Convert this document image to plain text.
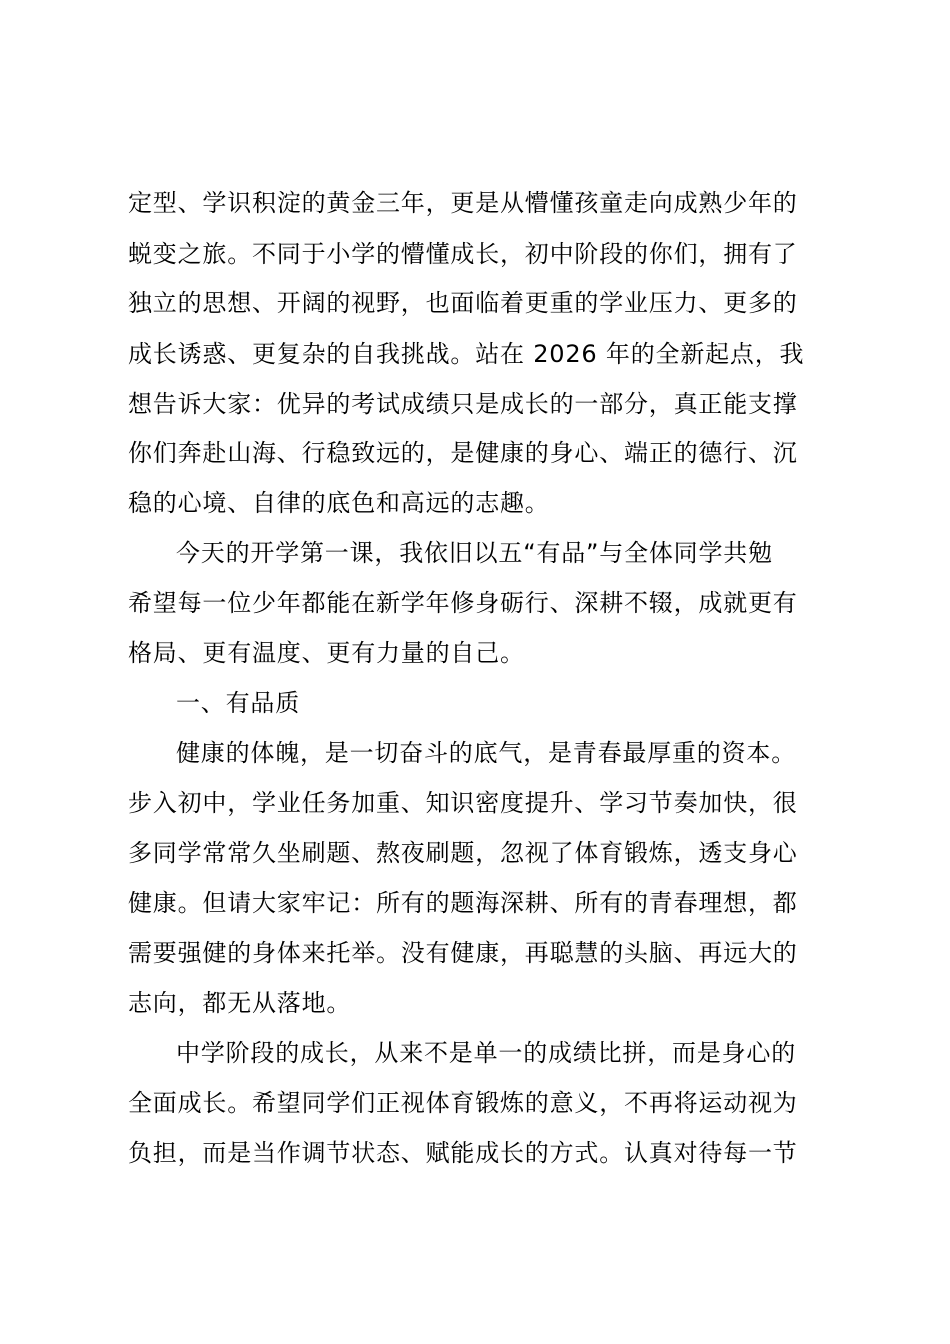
定型、学识积淀的黄金三年，更是从懵懂孩童走向成熟少年的
蜕变之旅。不同于小学的懵懂成长，初中阶段的你们，拥有了
独立的思想、开阔的视野，也面临着更重的学业压力、更多的
成长诱惑、更复杂的自我挑战。站在 2026 年的全新起点，我
想告诉大家：优异的考试成绩只是成长的一部分，真正能支撑
你们奔赴山海、行稳致远的，是健康的身心、端正的德行、沉
稳的心境、自律的底色和高远的志趣。
今天的开学第一课，我依旧以五“有品”与全体同学共勉
希望每一位少年都能在新学年修身砺行、深耕不辍，成就更有
格局、更有温度、更有力量的自己。
一、有品质
健康的体魄，是一切奋斗的底气，是青春最厚重的资本。
步入初中，学业任务加重、知识密度提升、学习节奏加快，很
多同学常常久坐刷题、熬夜刷题，忽视了体育锻炼，透支身心
健康。但请大家牢记：所有的题海深耕、所有的青春理想，都
需要强健的身体来托举。没有健康，再聪慧的头脑、再远大的
志向，都无从落地。
中学阶段的成长，从来不是单一的成绩比拼，而是身心的
全面成长。希望同学们正视体育锻炼的意义，不再将运动视为
负担，而是当作调节状态、赋能成长的方式。认真对待每一节
